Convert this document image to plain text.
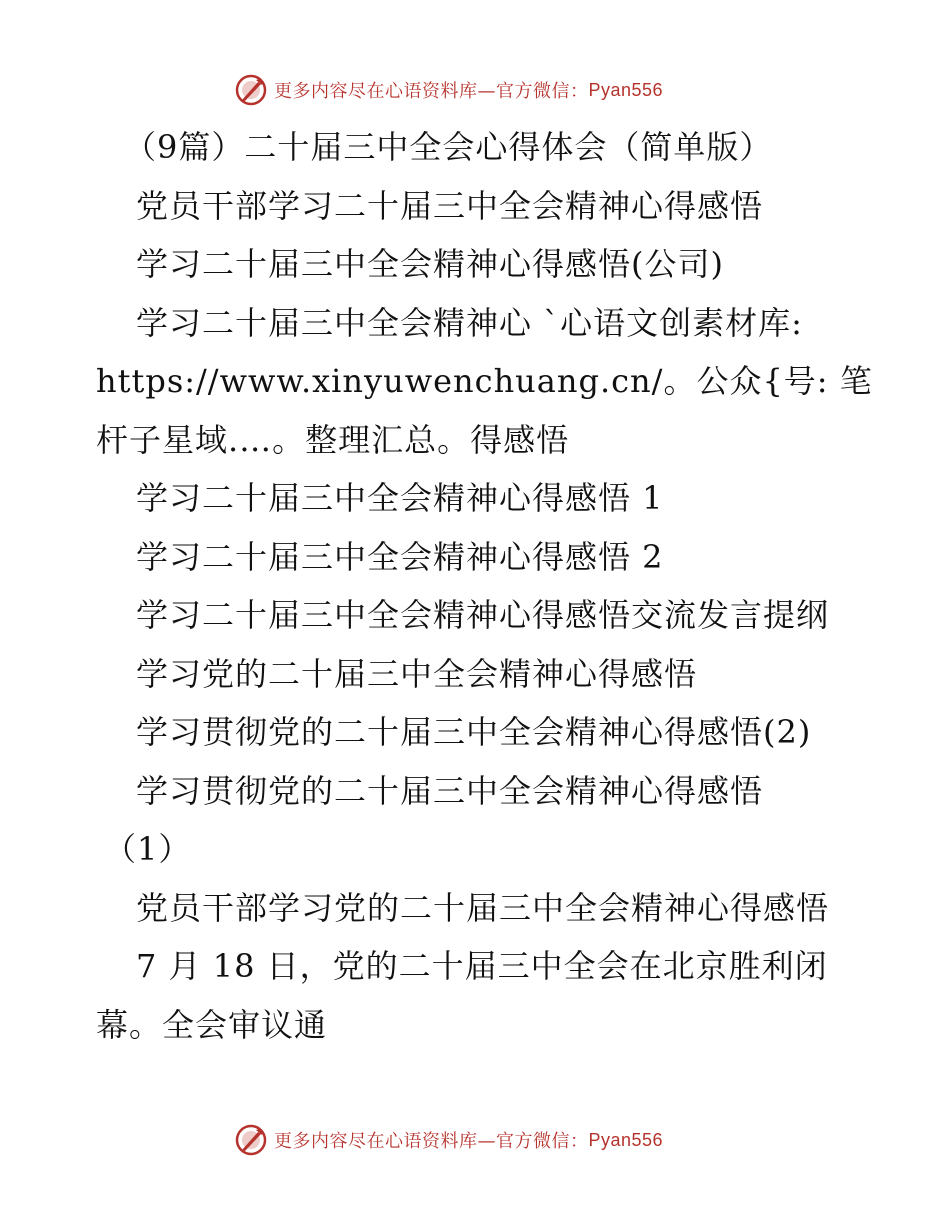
更多内容尽在心语资料库—官方微信： Pyan556
（9篇）二十届三中全会心得体会（简单版）
党员干部学习二十届三中全会精神心得感悟
学习二十届三中全会精神心得感悟(公司)
学习二十届三中全会精神心 `心语文创素材库:
https://www.xinyuwenchuang.cn/。公众{号: 笔
杆子星域.…。整理汇总。得感悟
学习二十届三中全会精神心得感悟 1
学习二十届三中全会精神心得感悟 2
学习二十届三中全会精神心得感悟交流发言提纲
学习党的二十届三中全会精神心得感悟
学习贯彻党的二十届三中全会精神心得感悟(2)
学习贯彻党的二十届三中全会精神心得感悟
（1）
党员干部学习党的二十届三中全会精神心得感悟
7 月 18 日，党的二十届三中全会在北京胜利闭
幕。全会审议通
更多内容尽在心语资料库—官方微信： Pyan556
